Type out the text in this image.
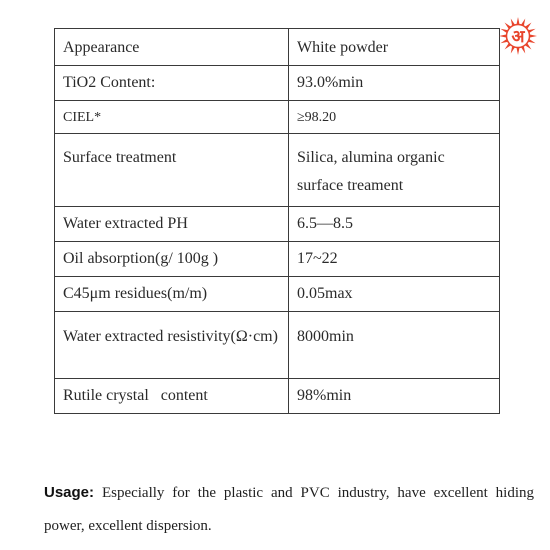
Appearance	White powder
TiO2 Content:	93.0%min
CIEL*	≥98.20
Surface treatment	Silica, alumina organic surface treament
Water extracted PH	6.5—8.5
Oil absorption(g/ 100g )	17~22
C45μm residues(m/m)	0.05max
Water extracted resistivity(Ω·cm)	8000min
Rutile crystal   content	98%min
अ
Usage: Especially for the plastic and PVC industry, have excellent hiding power, excellent dispersion.
